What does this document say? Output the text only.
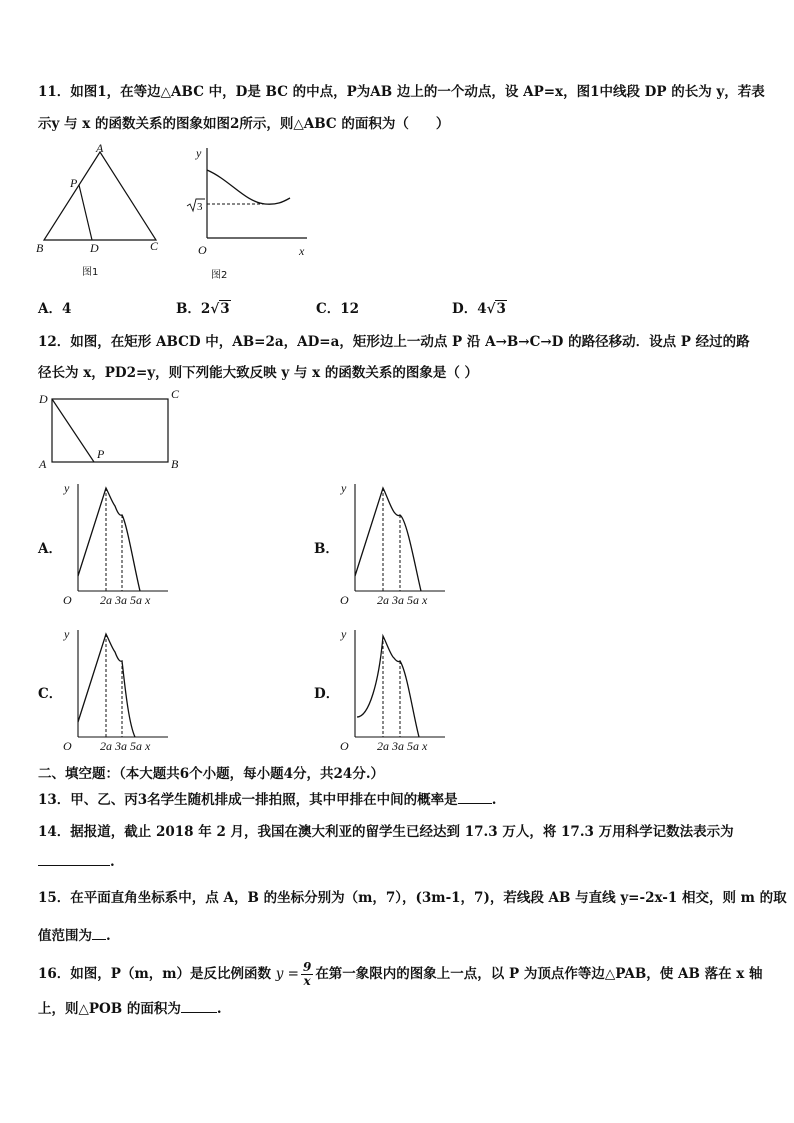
11．如图1，在等边△ABC 中，D是 BC 的中点，P为AB 边上的一个动点，设 AP=x，图1中线段 DP 的长为 y，若表
示y 与 x 的函数关系的图象如图2所示，则△ABC 的面积为（　　）
A
P
B	D	C
图1
y
x
O
3
图2
A．4	B．2√3	C．12	D．4√3
12．如图，在矩形 ABCD 中，AB=2a，AD=a，矩形边上一动点 P 沿 A→B→C→D 的路径移动．设点 P 经过的路
径长为 x，PD2=y，则下列能大致反映 y 与 x 的函数关系的图象是（ ）
D	C
A	B
P
A．
y
O 2a 3a 5a x
B．
y
O 2a 3a 5a x
C．
y
O 2a 3a 5a x
D．
y
O 2a 3a 5a x
二、填空题：（本大题共6个小题，每小题4分，共24分.）
13．甲、乙、丙3名学生随机排成一排拍照，其中甲排在中间的概率是	.
14．据报道，截止 2018 年 2 月，我国在澳大利亚的留学生已经达到 17.3 万人，将 17.3 万用科学记数法表示为
.
15．在平面直角坐标系中，点 A，B 的坐标分别为（m，7），(3m-1，7)，若线段 AB 与直线 y=-2x-1 相交，则 m 的取
值范围为 .
16．如图，P（m，m）是反比例函数 $y = \frac{9}{x}$ 在第一象限内的图象上一点，以 P 为顶点作等边△PAB，使 AB 落在 x 轴
上，则△POB 的面积为	.
